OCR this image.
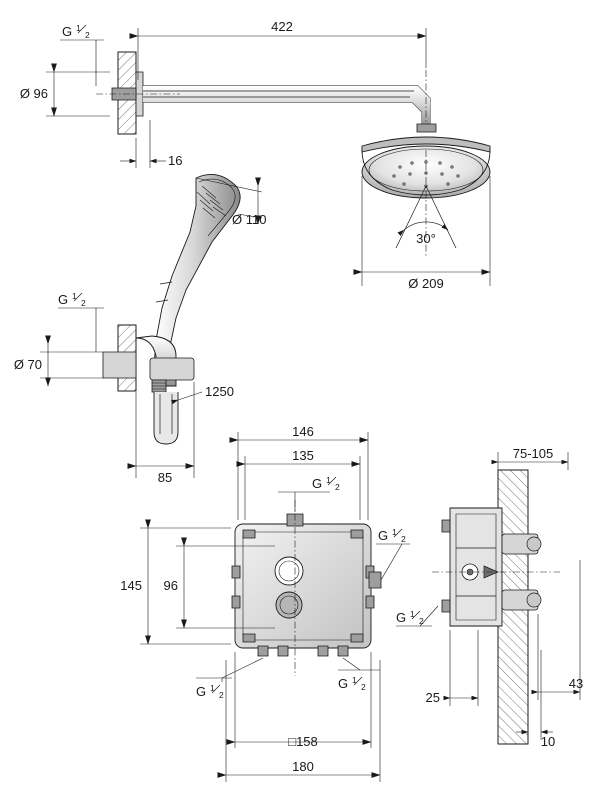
422
Ø 96
16
G 1
2
30°
Ø 209
Ø 110
Ø 70
G 1
2
1250
85
146
135
G 1
2
G 1
2
145 96
G 1
2
G 1
2
□158
180
75-105
G 1
2
25
43
10
